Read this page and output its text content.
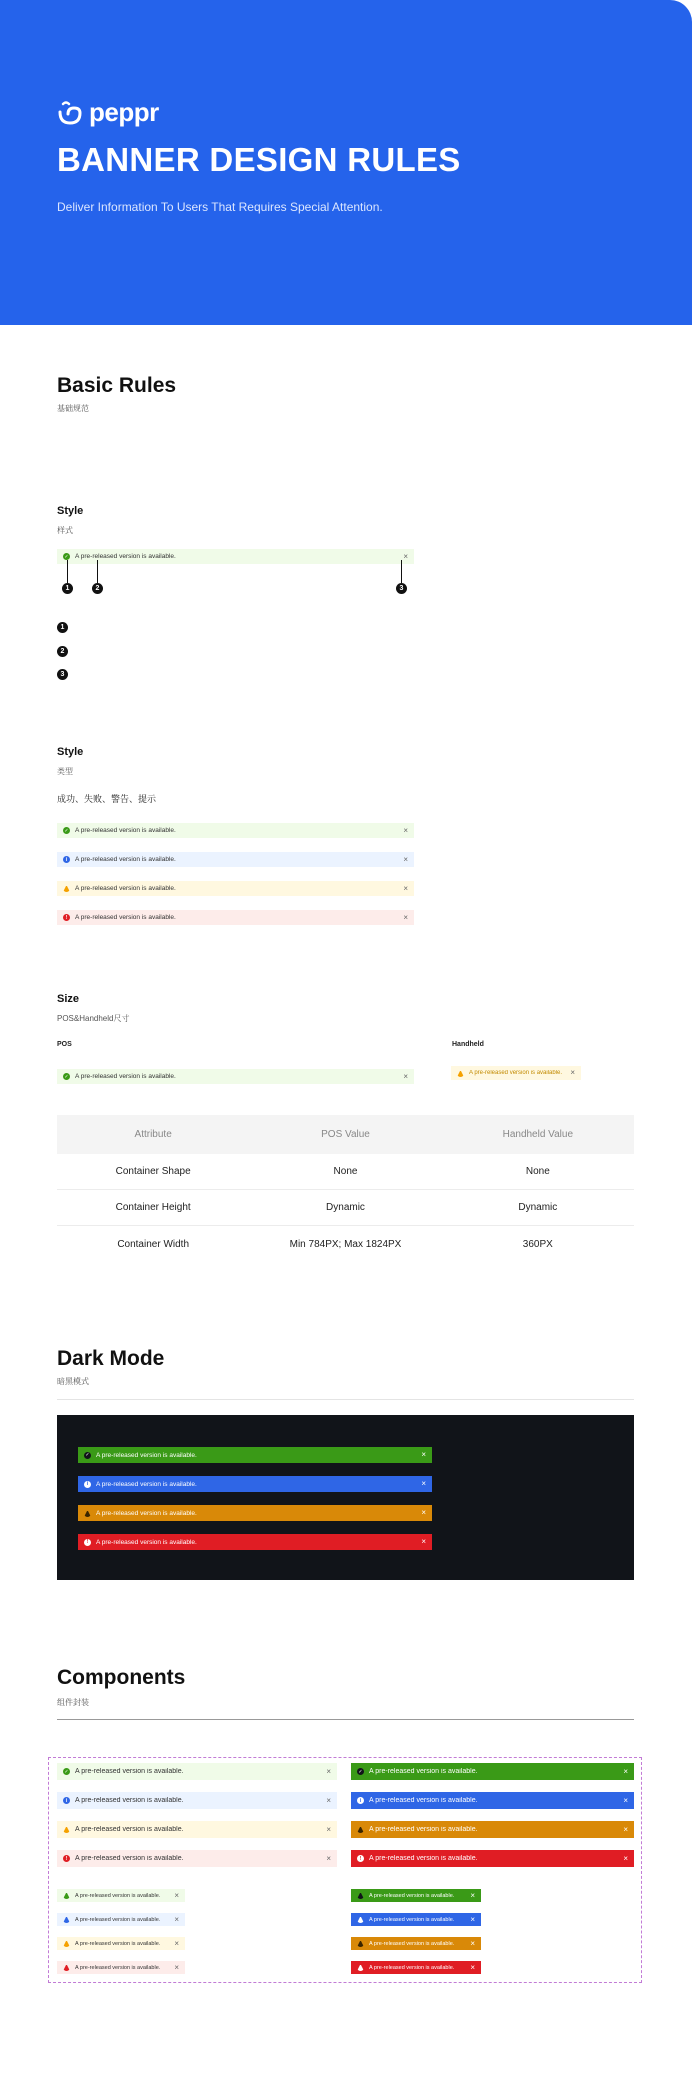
peppr
BANNER DESIGN RULES
Deliver Information To Users That Requires Special Attention.
Basic Rules
基础规范
Style
样式
✓ A pre-released version is available.	×
1	2	3
1
2
3
Style
类型
成功、失败、警告、提示
✓ A pre-released version is available.	×
i	A pre-released version is available.	×
A pre-released version is available.	×
!	A pre-released version is available.	×
Size
POS&Handheld尺寸
POS	Handheld
✓ A pre-released version is available.	×	A pre-released version is available.	×
Attribute	POS Value	Handheld Value
Container Shape	None	None
Container Height	Dynamic	Dynamic
Container Width	Min 784PX; Max 1824PX	360PX
Dark Mode
暗黑模式
✓ A pre-released version is available.	×
i	A pre-released version is available.	×
A pre-released version is available.	×
!	A pre-released version is available.	×
Components
组件封装
✓ A pre-released version is available.	×
i	A pre-released version is available.	×
A pre-released version is available.	×
!	A pre-released version is available.	×
✓ A pre-released version is available.	×
i	A pre-released version is available.	×
A pre-released version is available.	×
!	A pre-released version is available.	×
A pre-released version is available.	×
A pre-released version is available.	×
A pre-released version is available.	×
A pre-released version is available.	×
A pre-released version is available.	×
A pre-released version is available.	×
A pre-released version is available.	×
A pre-released version is available.	×
